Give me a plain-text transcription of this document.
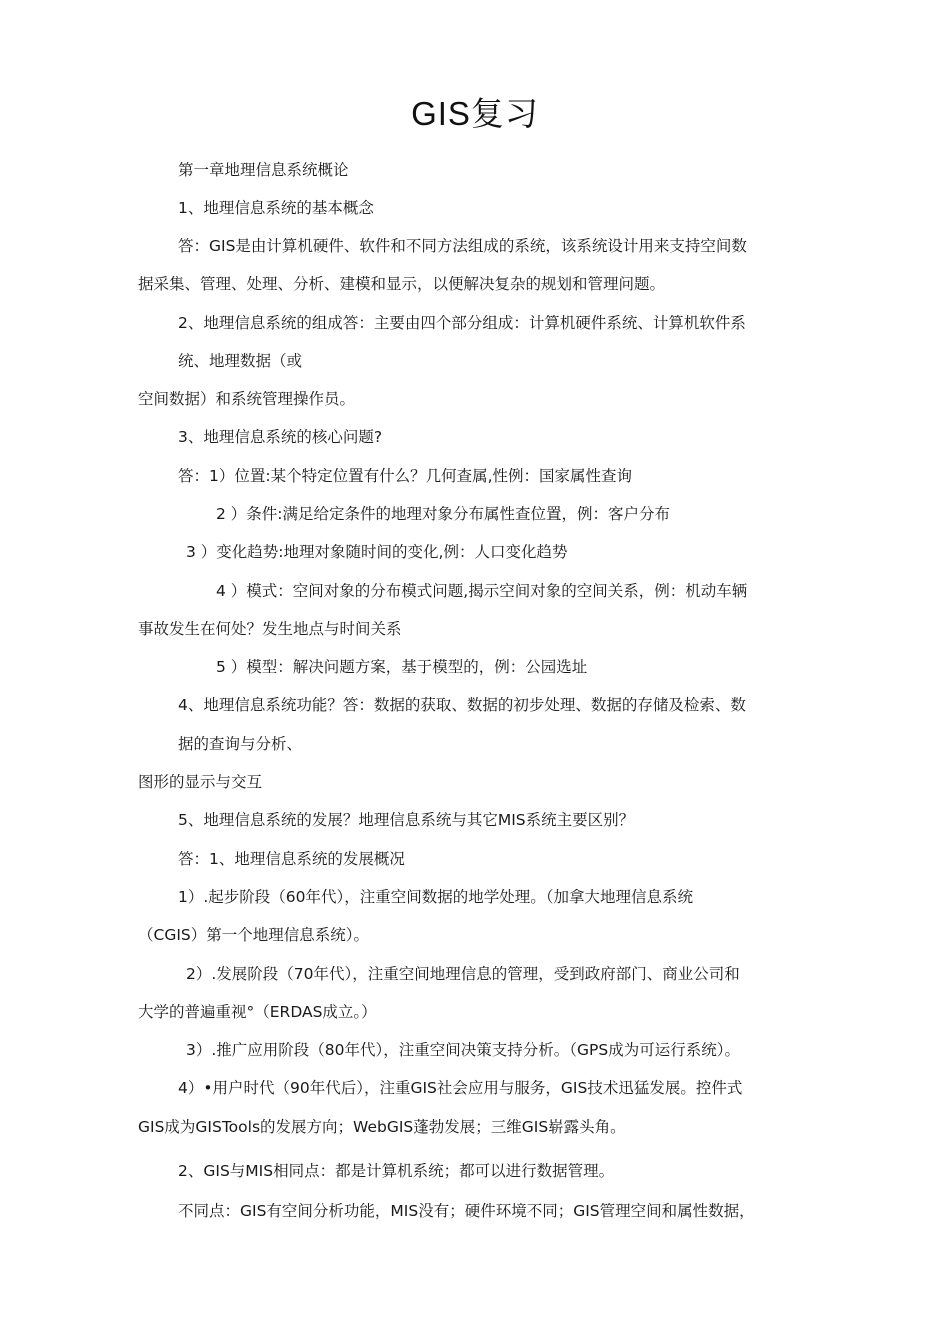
GIS复习
第一章地理信息系统概论
1、地理信息系统的基本概念
答：GIS是由计算机硬件、软件和不同方法组成的系统，该系统设计用来支持空间数
据采集、管理、处理、分析、建模和显示，以便解决复杂的规划和管理问题。
2、地理信息系统的组成答：主要由四个部分组成：计算机硬件系统、计算机软件系
统、地理数据（或
空间数据）和系统管理操作员。
3、地理信息系统的核心问题?
答：1）位置:某个特定位置有什么？几何查属,性例：国家属性查询
2 ）条件:满足给定条件的地理对象分布属性查位置，例：客户分布
3 ）变化趋势:地理对象随时间的变化,例：人口变化趋势
4 ）模式：空间对象的分布模式问题,揭示空间对象的空间关系，例：机动车辆
事故发生在何处？发生地点与时间关系
5 ）模型：解决问题方案，基于模型的，例：公园选址
4、地理信息系统功能？答：数据的获取、数据的初步处理、数据的存储及检索、数
据的查询与分析、
图形的显示与交互
5、地理信息系统的发展？地理信息系统与其它MIS系统主要区别？
答：1、地理信息系统的发展概况
1）.起步阶段（60年代），注重空间数据的地学处理。（加拿大地理信息系统
（CGIS）第一个地理信息系统）。
2）.发展阶段（70年代），注重空间地理信息的管理，受到政府部门、商业公司和
大学的普遍重视°（ERDAS成立。）
3）.推广应用阶段（80年代），注重空间决策支持分析。（GPS成为可运行系统）。
4）•用户时代（90年代后），注重GIS社会应用与服务，GIS技术迅猛发展。控件式
GIS成为GISTools的发展方向；WebGIS蓬勃发展；三维GIS崭露头角。
2、GIS与MIS相同点：都是计算机系统；都可以进行数据管理。
不同点：GIS有空间分析功能，MIS没有；硬件环境不同；GIS管理空间和属性数据，
